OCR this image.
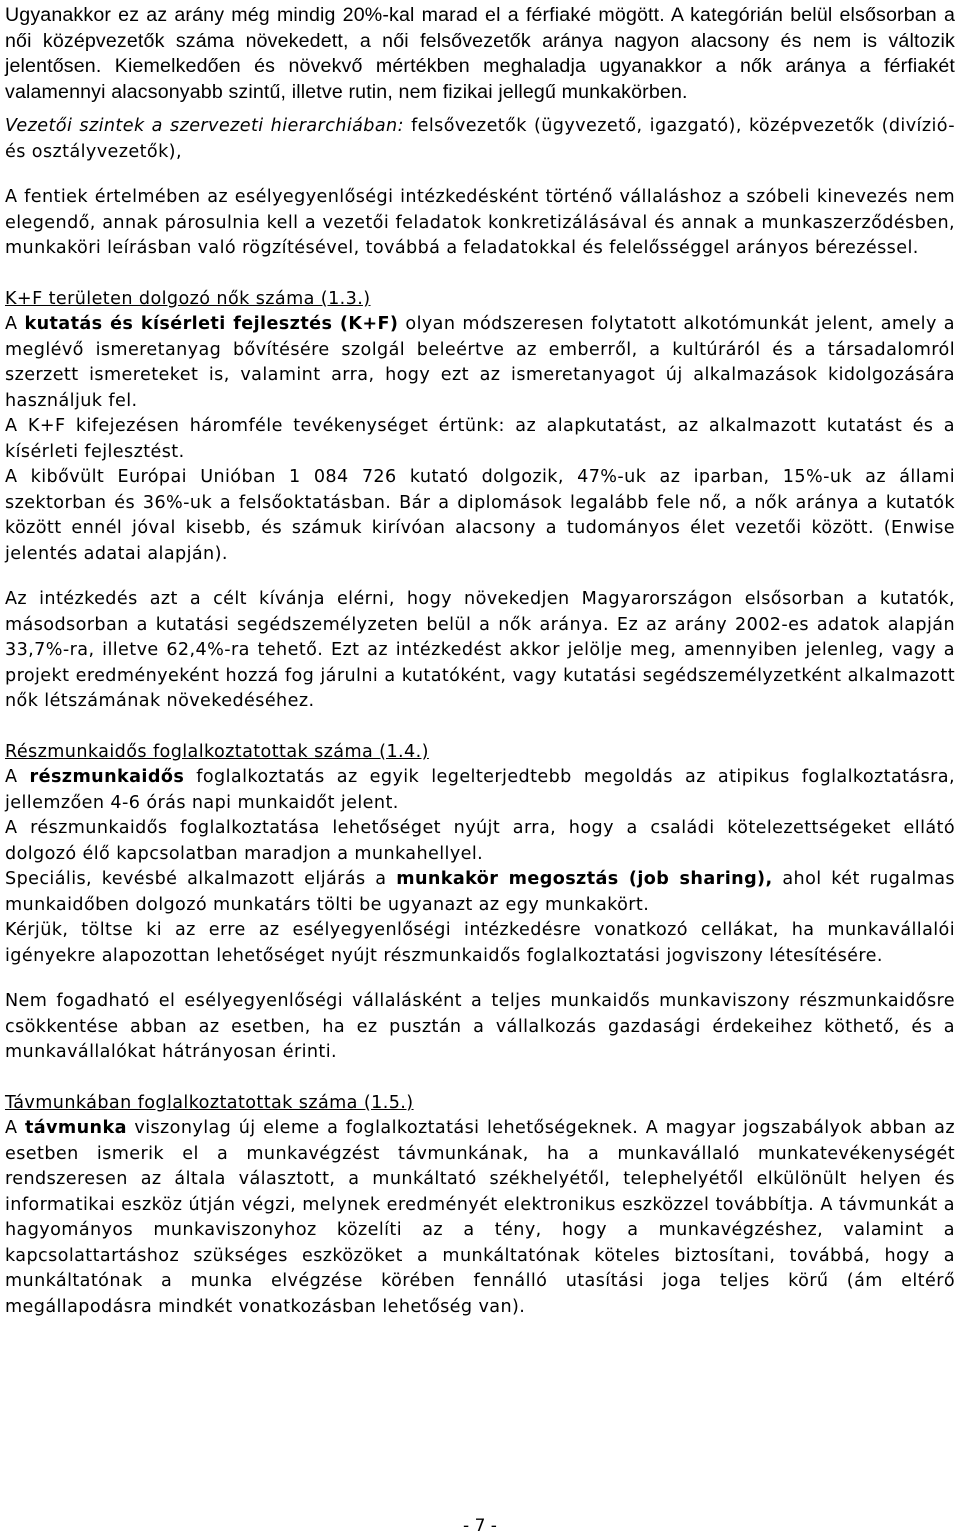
Ugyanakkor ez az arány még mindig 20%-kal marad el a férfiaké mögött. A kategórián belül elsősorban a női középvezetők száma növekedett, a női felsővezetők aránya nagyon alacsony és nem is változik jelentősen. Kiemelkedően és növekvő mértékben meghaladja ugyanakkor a nők aránya a férfiakét valamennyi alacsonyabb szintű, illetve rutin, nem fizikai jellegű munkakörben.

Vezetői szintek a szervezeti hierarchiában: felsővezetők (ügyvezető, igazgató), középvezetők (divízió- és osztályvezetők),

A fentiek értelmében az esélyegyenlőségi intézkedésként történő vállaláshoz a szóbeli kinevezés nem elegendő, annak párosulnia kell a vezetői feladatok konkretizálásával és annak a munkaszerződésben, munkaköri leírásban való rögzítésével, továbbá a feladatokkal és felelősséggel arányos bérezéssel.

K+F területen dolgozó nők száma (1.3.)

A kutatás és kísérleti fejlesztés (K+F) olyan módszeresen folytatott alkotómunkát jelent, amely a meglévő ismeretanyag bővítésére szolgál beleértve az emberről, a kultúráról és a társadalomról szerzett ismereteket is, valamint arra, hogy ezt az ismeretanyagot új alkalmazások kidolgozására használjuk fel.

A K+F kifejezésen háromféle tevékenységet értünk: az alapkutatást, az alkalmazott kutatást és a kísérleti fejlesztést.

A kibővült Európai Unióban 1 084 726 kutató dolgozik, 47%-uk az iparban, 15%-uk az állami szektorban és 36%-uk a felsőoktatásban. Bár a diplomások legalább fele nő, a nők aránya a kutatók között ennél jóval kisebb, és számuk kirívóan alacsony a tudományos élet vezetői között. (Enwise jelentés adatai alapján).

Az intézkedés azt a célt kívánja elérni, hogy növekedjen Magyarországon elsősorban a kutatók, másodsorban a kutatási segédszemélyzeten belül a nők aránya. Ez az arány 2002-es adatok alapján 33,7%-ra, illetve 62,4%-ra tehető. Ezt az intézkedést akkor jelölje meg, amennyiben jelenleg, vagy a projekt eredményeként hozzá fog járulni a kutatóként, vagy kutatási segédszemélyzetként alkalmazott nők létszámának növekedéséhez.

Részmunkaidős foglalkoztatottak száma (1.4.)

A részmunkaidős foglalkoztatás az egyik legelterjedtebb megoldás az atipikus foglalkoztatásra, jellemzően 4-6 órás napi munkaidőt jelent.

A részmunkaidős foglalkoztatása lehetőséget nyújt arra, hogy a családi kötelezettségeket ellátó dolgozó élő kapcsolatban maradjon a munkahellyel.

Speciális, kevésbé alkalmazott eljárás a munkakör megosztás (job sharing), ahol két rugalmas munkaidőben dolgozó munkatárs tölti be ugyanazt az egy munkakört.

Kérjük, töltse ki az erre az esélyegyenlőségi intézkedésre vonatkozó cellákat, ha munkavállalói igényekre alapozottan lehetőséget nyújt részmunkaidős foglalkoztatási jogviszony létesítésére.

Nem fogadható el esélyegyenlőségi vállalásként a teljes munkaidős munkaviszony részmunkaidősre csökkentése abban az esetben, ha ez pusztán a vállalkozás gazdasági érdekeihez köthető, és a munkavállalókat hátrányosan érinti.

Távmunkában foglalkoztatottak száma (1.5.)

A távmunka viszonylag új eleme a foglalkoztatási lehetőségeknek. A magyar jogszabályok abban az esetben ismerik el a munkavégzést távmunkának, ha a munkavállaló munkatevékenységét rendszeresen az általa választott, a munkáltató székhelyétől, telephelyétől elkülönült helyen és informatikai eszköz útján végzi, melynek eredményét elektronikus eszközzel továbbítja. A távmunkát a hagyományos munkaviszonyhoz közelíti az a tény, hogy a munkavégzéshez, valamint a kapcsolattartáshoz szükséges eszközöket a munkáltatónak köteles biztosítani, továbbá, hogy a munkáltatónak a munka elvégzése körében fennálló utasítási joga teljes körű (ám eltérő megállapodásra mindkét vonatkozásban lehetőség van).

- 7 -
